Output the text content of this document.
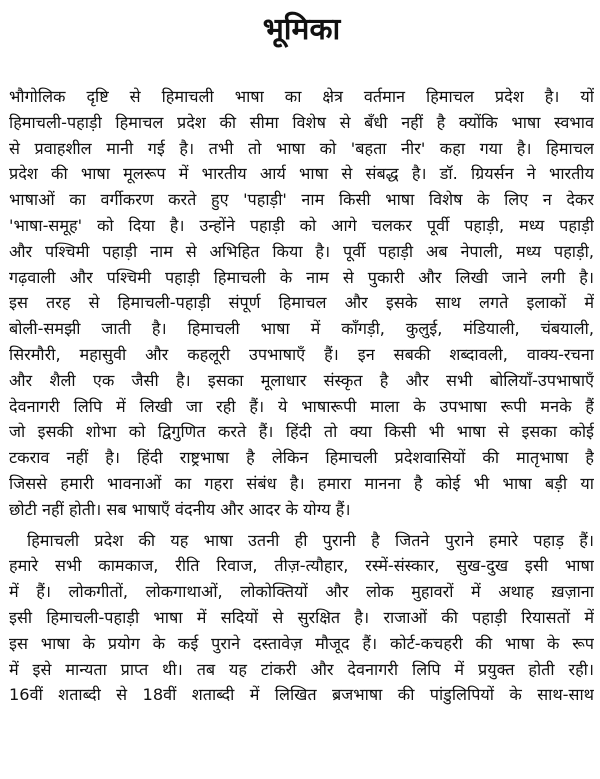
भूमिका
भौगोलिक दृष्टि से हिमाचली भाषा का क्षेत्र वर्तमान हिमाचल प्रदेश है। यों
हिमाचली-पहाड़ी हिमाचल प्रदेश की सीमा विशेष से बँधी नहीं है क्योंकि भाषा स्वभाव
से प्रवाहशील मानी गई है। तभी तो भाषा को 'बहता नीर' कहा गया है। हिमाचल
प्रदेश की भाषा मूलरूप में भारतीय आर्य भाषा से संबद्ध है। डॉ. ग्रियर्सन ने भारतीय
भाषाओं का वर्गीकरण करते हुए 'पहाड़ी' नाम किसी भाषा विशेष के लिए न देकर
'भाषा-समूह' को दिया है। उन्होंने पहाड़ी को आगे चलकर पूर्वी पहाड़ी, मध्य पहाड़ी
और पश्चिमी पहाड़ी नाम से अभिहित किया है। पूर्वी पहाड़ी अब नेपाली, मध्य पहाड़ी,
गढ़वाली और पश्चिमी पहाड़ी हिमाचली के नाम से पुकारी और लिखी जाने लगी है।
इस तरह से हिमाचली-पहाड़ी संपूर्ण हिमाचल और इसके साथ लगते इलाकों में
बोली-समझी जाती है। हिमाचली भाषा में काँगड़ी, कुलुई, मंडियाली, चंबयाली,
सिरमौरी, महासुवी और कहलूरी उपभाषाएँ हैं। इन सबकी शब्दावली, वाक्य-रचना
और शैली एक जैसी है। इसका मूलाधार संस्कृत है और सभी बोलियाँ-उपभाषाएँ
देवनागरी लिपि में लिखी जा रही हैं। ये भाषारूपी माला के उपभाषा रूपी मनके हैं
जो इसकी शोभा को द्विगुणित करते हैं। हिंदी तो क्या किसी भी भाषा से इसका कोई
टकराव नहीं है। हिंदी राष्ट्रभाषा है लेकिन हिमाचली प्रदेशवासियों की मातृभाषा है
जिससे हमारी भावनाओं का गहरा संबंध है। हमारा मानना है कोई भी भाषा बड़ी या
छोटी नहीं होती। सब भाषाएँ वंदनीय और आदर के योग्य हैं।
हिमाचली प्रदेश की यह भाषा उतनी ही पुरानी है जितने पुराने हमारे पहाड़ हैं।
हमारे सभी कामकाज, रीति रिवाज, तीज़-त्यौहार, रस्में-संस्कार, सुख-दुख इसी भाषा
में हैं। लोकगीतों, लोकगाथाओं, लोकोक्तियों और लोक मुहावरों में अथाह ख़ज़ाना
इसी हिमाचली-पहाड़ी भाषा में सदियों से सुरक्षित है। राजाओं की पहाड़ी रियासतों में
इस भाषा के प्रयोग के कई पुराने दस्तावेज़ मौजूद हैं। कोर्ट-कचहरी की भाषा के रूप
में इसे मान्यता प्राप्त थी। तब यह टांकरी और देवनागरी लिपि में प्रयुक्त होती रही।
16वीं शताब्दी से 18वीं शताब्दी में लिखित ब्रजभाषा की पांडुलिपियों के साथ-साथ
